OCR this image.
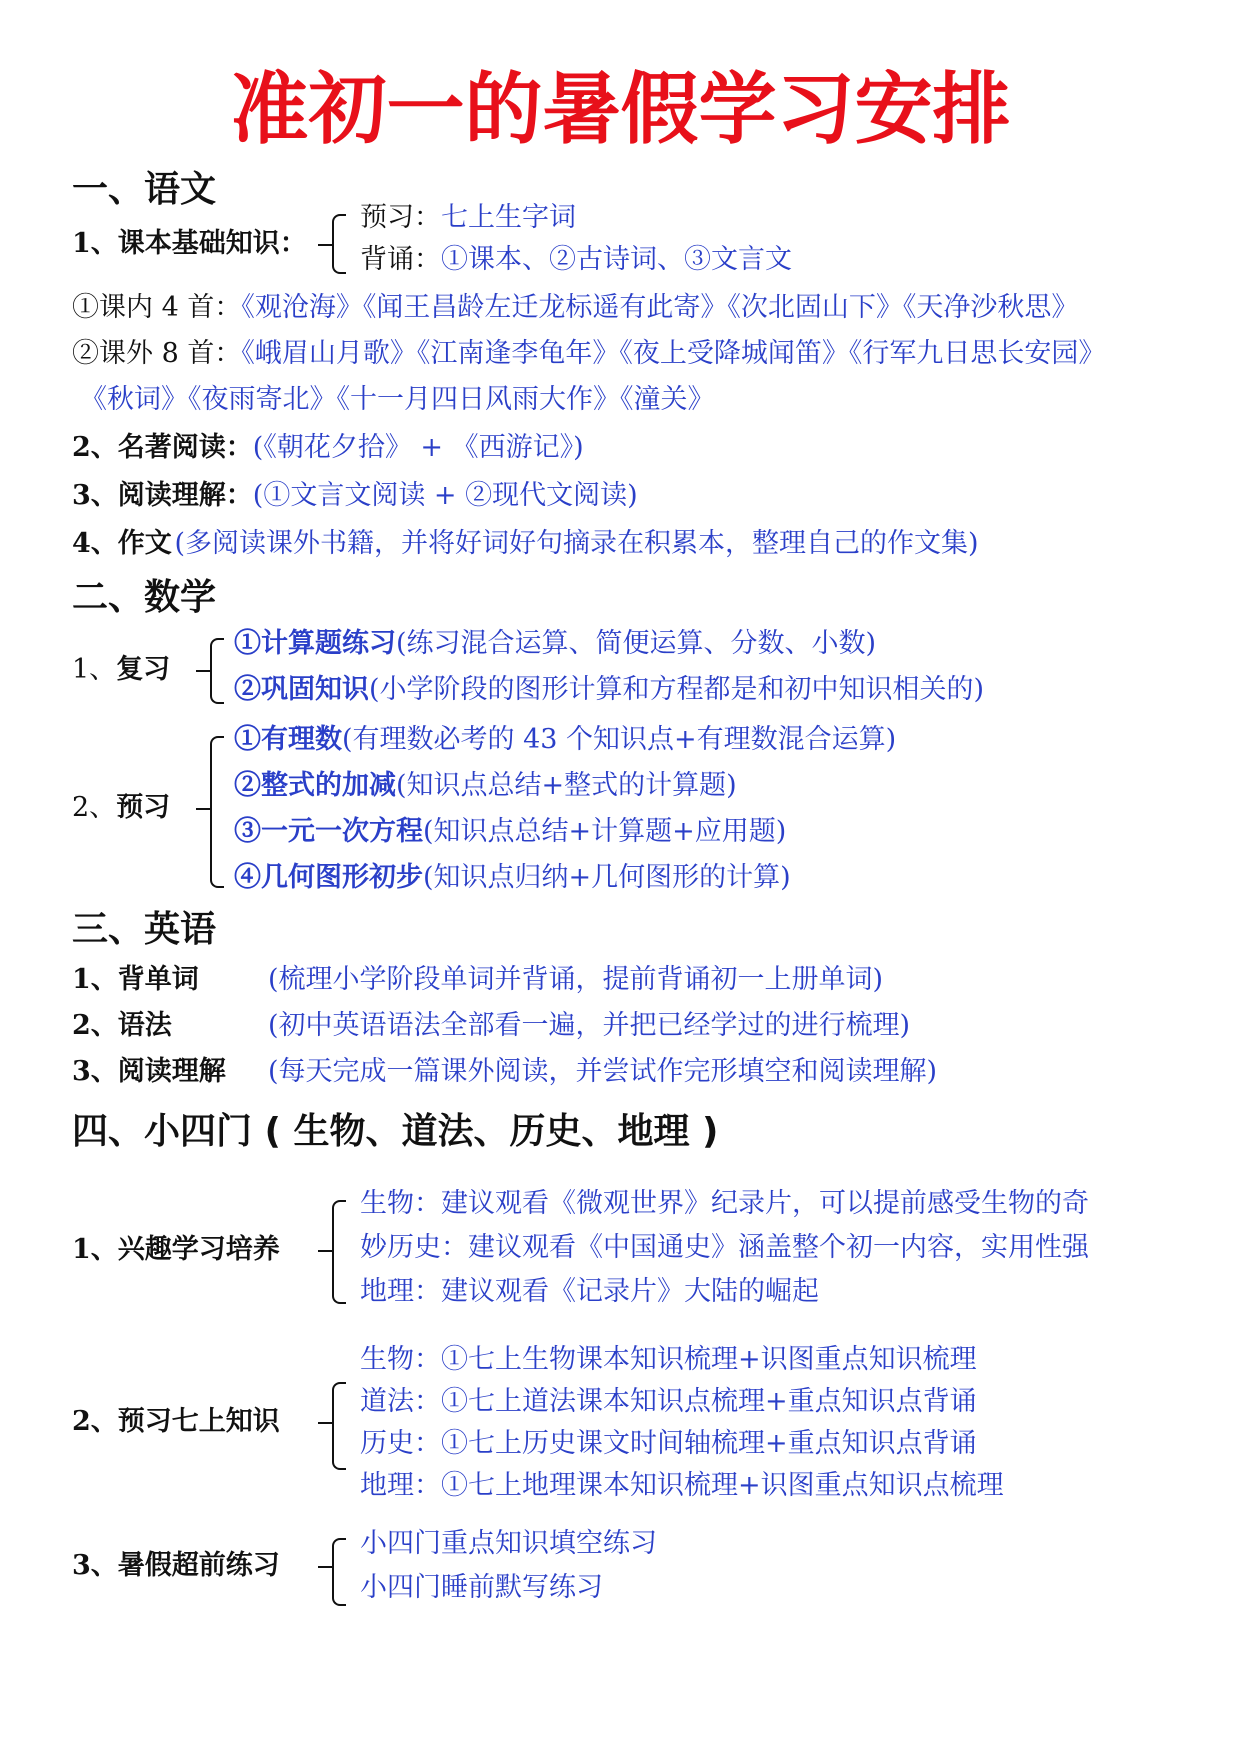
准初一的暑假学习安排
一、语文
1、课本基础知识：
预习：七上生字词
背诵：①课本、②古诗词、③文言文
①课内 4 首：《观沧海》《闻王昌龄左迁龙标遥有此寄》《次北固山下》《天净沙秋思》
②课外 8 首：《峨眉山月歌》《江南逢李龟年》《夜上受降城闻笛》《行军九日思长安园》
《秋词》《夜雨寄北》《十一月四日风雨大作》《潼关》
2、名著阅读：(《朝花夕拾》 + 《西游记》)
3、阅读理解：(①文言文阅读 + ②现代文阅读)
4、作文  (多阅读课外书籍，并将好词好句摘录在积累本，整理自己的作文集)
二、数学
1、复习
①计算题练习(练习混合运算、简便运算、分数、小数)
②巩固知识(小学阶段的图形计算和方程都是和初中知识相关的)
2、预习
①有理数(有理数必考的 43 个知识点+有理数混合运算)
②整式的加减(知识点总结+整式的计算题)
③一元一次方程(知识点总结+计算题+应用题)
④几何图形初步(知识点归纳+几何图形的计算)
三、英语
1、背单词	(梳理小学阶段单词并背诵，提前背诵初一上册单词)
2、语法	(初中英语语法全部看一遍，并把已经学过的进行梳理)
3、阅读理解 (每天完成一篇课外阅读，并尝试作完形填空和阅读理解)
四、小四门 ( 生物、道法、历史、地理 )
1、兴趣学习培养
生物：建议观看《微观世界》纪录片，可以提前感受生物的奇
妙历史：建议观看《中国通史》涵盖整个初一内容，实用性强
地理：建议观看《记录片》大陆的崛起
2、预习七上知识
生物：①七上生物课本知识梳理+识图重点知识梳理
道法：①七上道法课本知识点梳理+重点知识点背诵
历史：①七上历史课文时间轴梳理+重点知识点背诵
地理：①七上地理课本知识梳理+识图重点知识点梳理
3、暑假超前练习
小四门重点知识填空练习
小四门睡前默写练习
